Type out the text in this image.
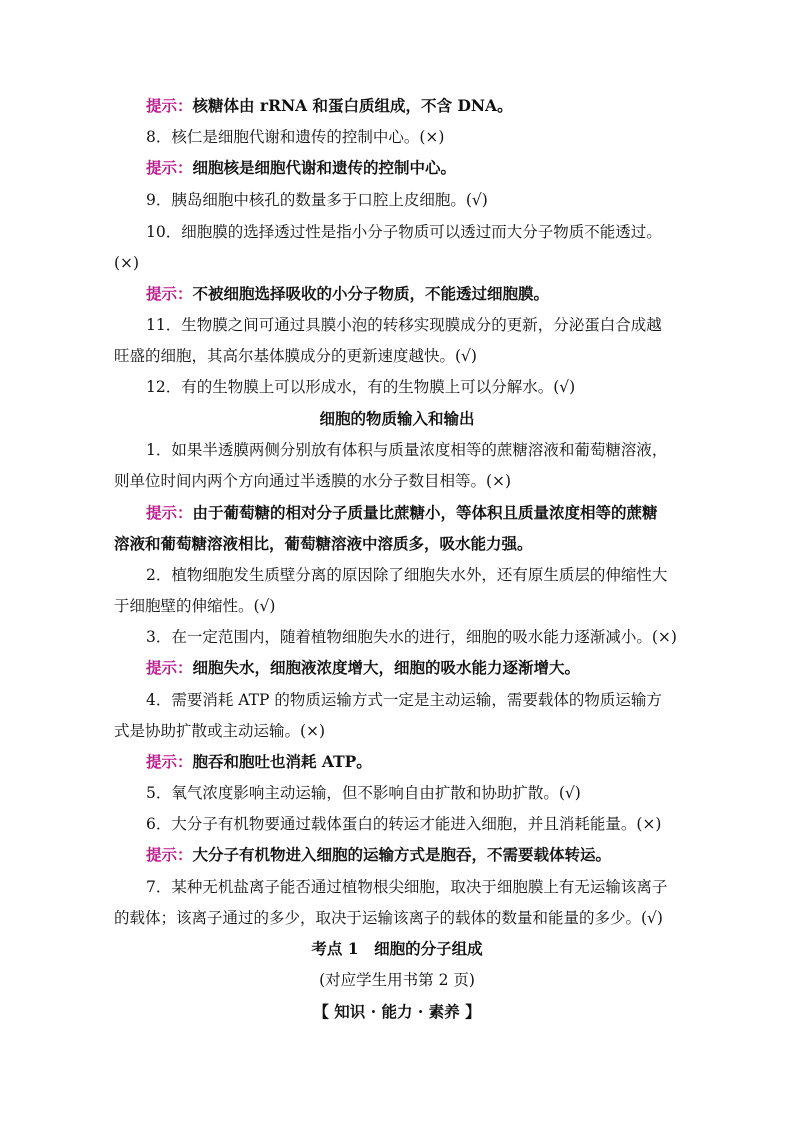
提示：核糖体由 rRNA 和蛋白质组成，不含 DNA。
8．核仁是细胞代谢和遗传的控制中心。(×)
提示：细胞核是细胞代谢和遗传的控制中心。
9．胰岛细胞中核孔的数量多于口腔上皮细胞。(√)
10．细胞膜的选择透过性是指小分子物质可以透过而大分子物质不能透过。
(×)
提示：不被细胞选择吸收的小分子物质，不能透过细胞膜。
11．生物膜之间可通过具膜小泡的转移实现膜成分的更新，分泌蛋白合成越
旺盛的细胞，其高尔基体膜成分的更新速度越快。(√)
12．有的生物膜上可以形成水，有的生物膜上可以分解水。(√)
细胞的物质输入和输出
1．如果半透膜两侧分别放有体积与质量浓度相等的蔗糖溶液和葡萄糖溶液，
则单位时间内两个方向通过半透膜的水分子数目相等。(×)
提示：由于葡萄糖的相对分子质量比蔗糖小，等体积且质量浓度相等的蔗糖
溶液和葡萄糖溶液相比，葡萄糖溶液中溶质多，吸水能力强。
2．植物细胞发生质壁分离的原因除了细胞失水外，还有原生质层的伸缩性大
于细胞壁的伸缩性。(√)
3．在一定范围内，随着植物细胞失水的进行，细胞的吸水能力逐渐减小。(×)
提示：细胞失水，细胞液浓度增大，细胞的吸水能力逐渐增大。
4．需要消耗 ATP 的物质运输方式一定是主动运输，需要载体的物质运输方
式是协助扩散或主动运输。(×)
提示：胞吞和胞吐也消耗 ATP。
5．氧气浓度影响主动运输，但不影响自由扩散和协助扩散。(√)
6．大分子有机物要通过载体蛋白的转运才能进入细胞，并且消耗能量。(×)
提示：大分子有机物进入细胞的运输方式是胞吞，不需要载体转运。
7．某种无机盐离子能否通过植物根尖细胞，取决于细胞膜上有无运输该离子
的载体；该离子通过的多少，取决于运输该离子的载体的数量和能量的多少。(√)
考点 1　细胞的分子组成
(对应学生用书第 2 页)
【 知识 · 能力 · 素养 】
